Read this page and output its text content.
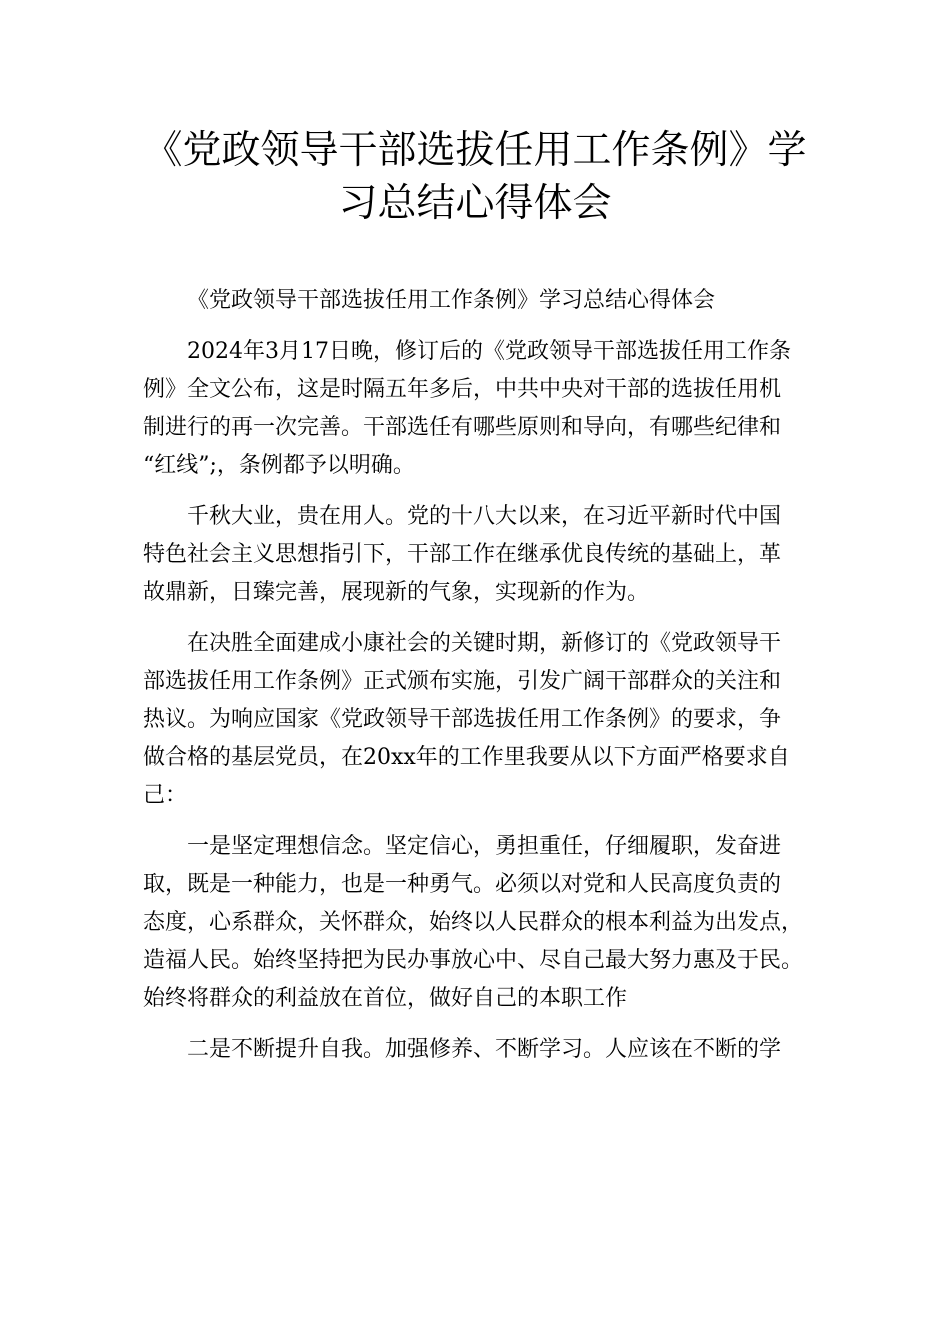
《党政领导干部选拔任用工作条例》学
习总结心得体会

《党政领导干部选拔任用工作条例》学习总结心得体会

2024年3月17日晚，修订后的《党政领导干部选拔任用工作条
例》全文公布，这是时隔五年多后，中共中央对干部的选拔任用机
制进行的再一次完善。干部选任有哪些原则和导向，有哪些纪律和
“红线”;，条例都予以明确。

千秋大业，贵在用人。党的十八大以来，在习近平新时代中国
特色社会主义思想指引下，干部工作在继承优良传统的基础上，革
故鼎新，日臻完善，展现新的气象，实现新的作为。

在决胜全面建成小康社会的关键时期，新修订的《党政领导干
部选拔任用工作条例》正式颁布实施，引发广阔干部群众的关注和
热议。为响应国家《党政领导干部选拔任用工作条例》的要求，争
做合格的基层党员，在20xx年的工作里我要从以下方面严格要求自
己：

一是坚定理想信念。坚定信心，勇担重任，仔细履职，发奋进
取，既是一种能力，也是一种勇气。必须以对党和人民高度负责的
态度，心系群众，关怀群众，始终以人民群众的根本利益为出发点，
造福人民。始终坚持把为民办事放心中、尽自己最大努力惠及于民。
始终将群众的利益放在首位，做好自己的本职工作

二是不断提升自我。加强修养、不断学习。人应该在不断的学
